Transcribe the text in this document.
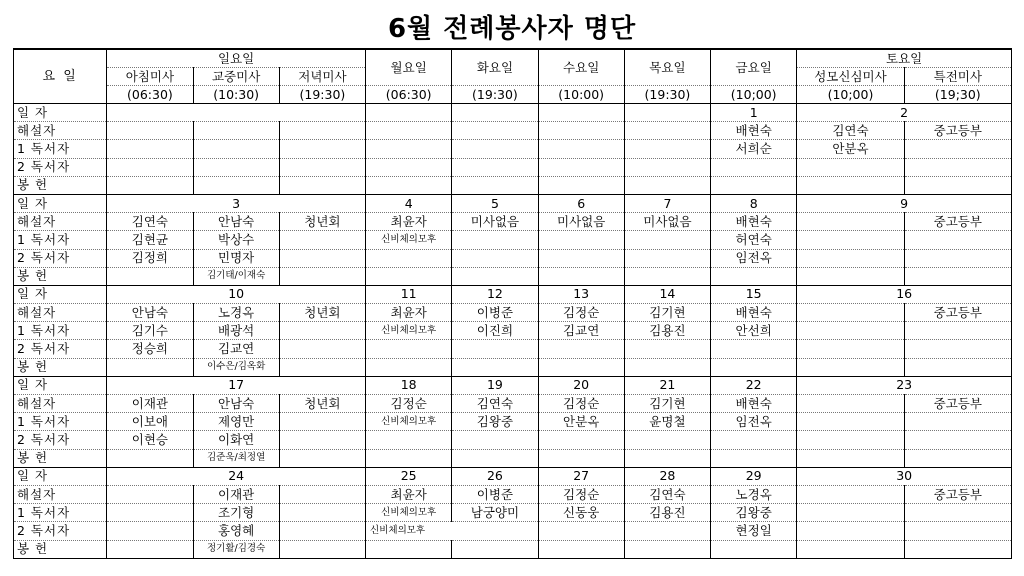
6월 전례봉사자 명단
요 일	일요일			월요일	화요일	수요일	목요일	금요일	토요일	
	아침미사	교중미사	저녁미사						성모신심미사	특전미사
	(06:30)	(10:30)	(19:30)	(06:30)	(19:30)	(10:00)	(19:30)	(10;00)	(10;00)	(19;30)
일 자								1	2	
해설자								배현숙	김연숙	중고등부
1 독서자								서희순	안분옥	
2 독서자										
봉 헌										
일 자	3			4	5	6	7	8	9	
해설자	김연숙	안남숙	청년회	최윤자	미사없음	미사없음	미사없음	배현숙		중고등부
1 독서자	김현균	박상수		신비체의모후				허연숙		
2 독서자	김정희	민명자						임전옥		
봉 헌		김기태/이재숙								
일 자	10			11	12	13	14	15	16	
해설자	안남숙	노경옥	청년회	최윤자	이병준	김정순	김기현	배현숙		중고등부
1 독서자	김기수	배광석		신비체의모후	이진희	김교연	김용진	안선희		
2 독서자	정승희	김교연								
봉 헌		이수은/김옥화								
일 자	17			18	19	20	21	22	23	
해설자	이재관	안남숙	청년회	김정순	김연숙	김정순	김기현	배현숙		중고등부
1 독서자	이보애	제영만		신비체의모후	김왕중	안분옥	윤명철	임전옥		
2 독서자	이현승	이화연								
봉 헌		김준욱/최정열								
일 자	24			25	26	27	28	29	30	
해설자		이재관		최윤자	이병준	김정순	김연숙	노경옥		중고등부
1 독서자		조기형		신비체의모후	남궁양미	신동웅	김용진	김왕중		
2 독서자		홍영혜		신비체의모후				현정일		
봉 헌		정기활/김경숙								
